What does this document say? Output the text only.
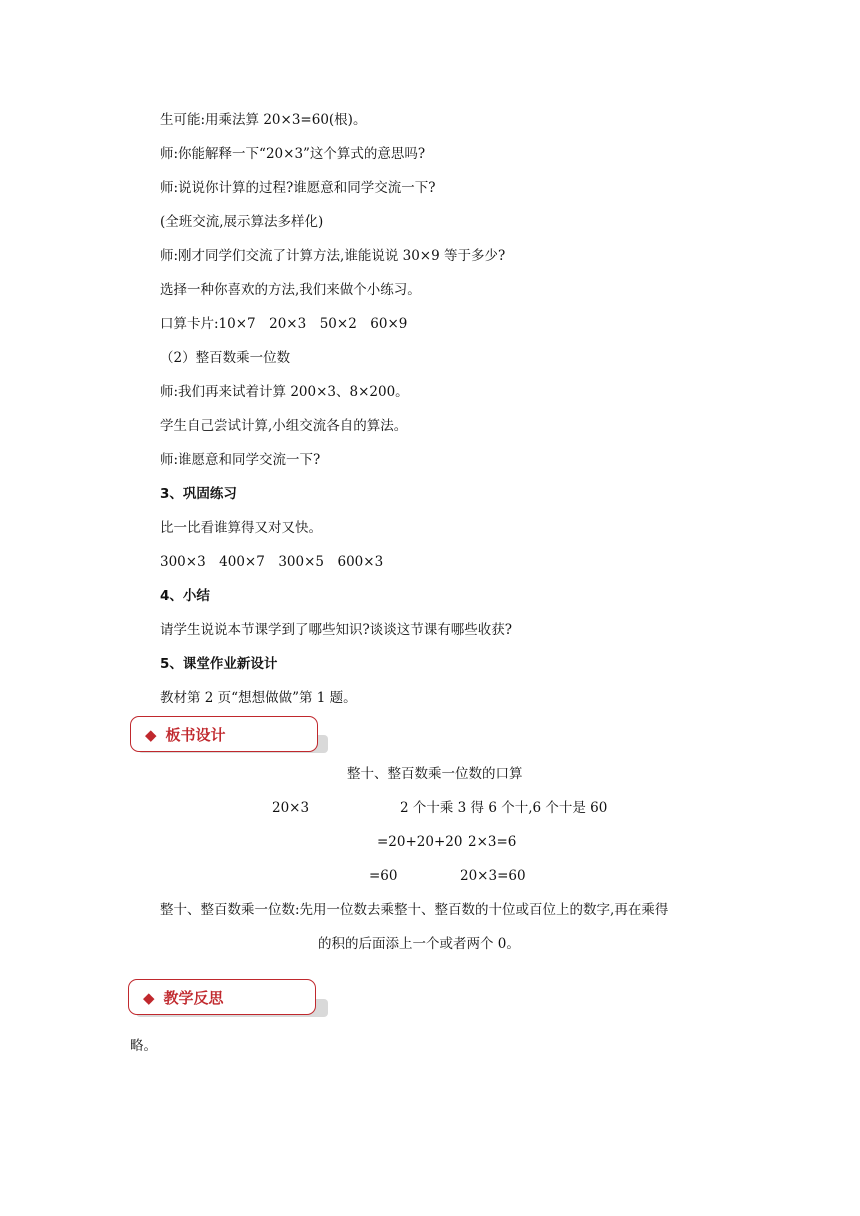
生可能:用乘法算 20×3=60(根)。
师:你能解释一下“20×3”这个算式的意思吗?
师:说说你计算的过程?谁愿意和同学交流一下?
(全班交流,展示算法多样化)
师:刚才同学们交流了计算方法,谁能说说 30×9 等于多少?
选择一种你喜欢的方法,我们来做个小练习。
口算卡片:10×7　20×3　50×2　60×9
（2）整百数乘一位数
师:我们再来试着计算 200×3、8×200。
学生自己尝试计算,小组交流各自的算法。
师:谁愿意和同学交流一下?
3、巩固练习
比一比看谁算得又对又快。
300×3　400×7　300×5　600×3
4、小结
请学生说说本节课学到了哪些知识?谈谈这节课有哪些收获?
5、课堂作业新设计
教材第 2 页“想想做做”第 1 题。
◆ 板书设计
整十、整百数乘一位数的口算
20×3	2 个十乘 3 得 6 个十,6 个十是 60
=20+20+20 2×3=6
=60	20×3=60
整十、整百数乘一位数:先用一位数去乘整十、整百数的十位或百位上的数字,再在乘得
的积的后面添上一个或者两个 0。
◆ 教学反思
略。
